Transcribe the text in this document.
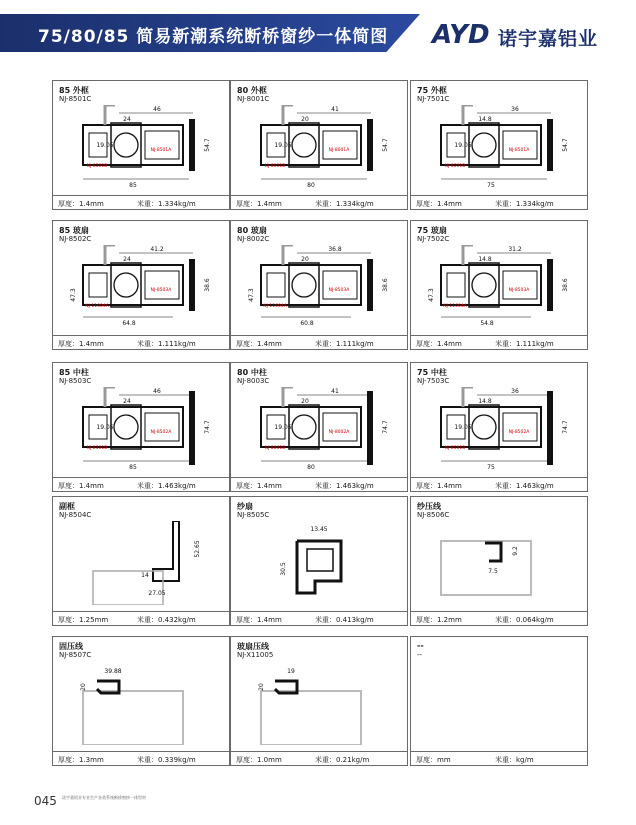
75/80/85 简易新潮系统断桥窗纱一体简图 AYD 诺宇嘉铝业
85 外框
NJ-8501C
46
24
19.05	54.7
85
NJ-8501B
NJ-8501A
厚度：1.4mm	米重：1.334kg/m
80 外框
NJ-8001C
41
20
19.05	54.7
80
NJ-8001B
NJ-8001A
厚度：1.4mm	米重：1.334kg/m
75 外框
NJ-7501C
36
14.8
19.05	54.7
75
NJ-8501B
NJ-8501A
厚度：1.4mm	米重：1.334kg/m
85 玻扇
NJ-8502C
41.2
24
38.6
47.3
64.8
NJ-11604A
NJ-8503A
厚度：1.4mm	米重：1.111kg/m
80 玻扇
NJ-8002C
36.8
20
38.6
47.3
60.8
NJ-11604A
NJ-8503A
厚度：1.4mm	米重：1.111kg/m
75 玻扇
NJ-7502C
31.2
14.8
38.6
47.3
54.8
NJ-11604A
NJ-8503A
厚度：1.4mm	米重：1.111kg/m
85 中柱
NJ-8503C
46
24
19.05	74.7
85
NJ-8501B
NJ-8502A
厚度：1.4mm	米重：1.463kg/m
80 中柱
NJ-8003C
41
20
19.05	74.7
80
NJ-8001B
NJ-8002A
厚度：1.4mm	米重：1.463kg/m
75 中柱
NJ-7503C
36
14.8
19.05	74.7
75
NJ-8501B
NJ-8502A
厚度：1.4mm	米重：1.463kg/m
副框
NJ-8504C
52.65
14
27.05
厚度：1.25mm	米重：0.432kg/m
纱扇
NJ-8505C
13.45
30.5
厚度：1.4mm	米重：0.413kg/m
纱压线
NJ-8506C
9.2
7.5
厚度：1.2mm	米重：0.064kg/m
固压线
NJ-8507C
39.88
20
厚度：1.3mm	米重：0.339kg/m
玻扇压线
NJ-X11005
19
20
厚度：1.0mm	米重：0.21kg/m
--
--
厚度：mm	米重：kg/m
045 诺宇嘉铝业专业生产各类系统断桥窗纱一体型材
